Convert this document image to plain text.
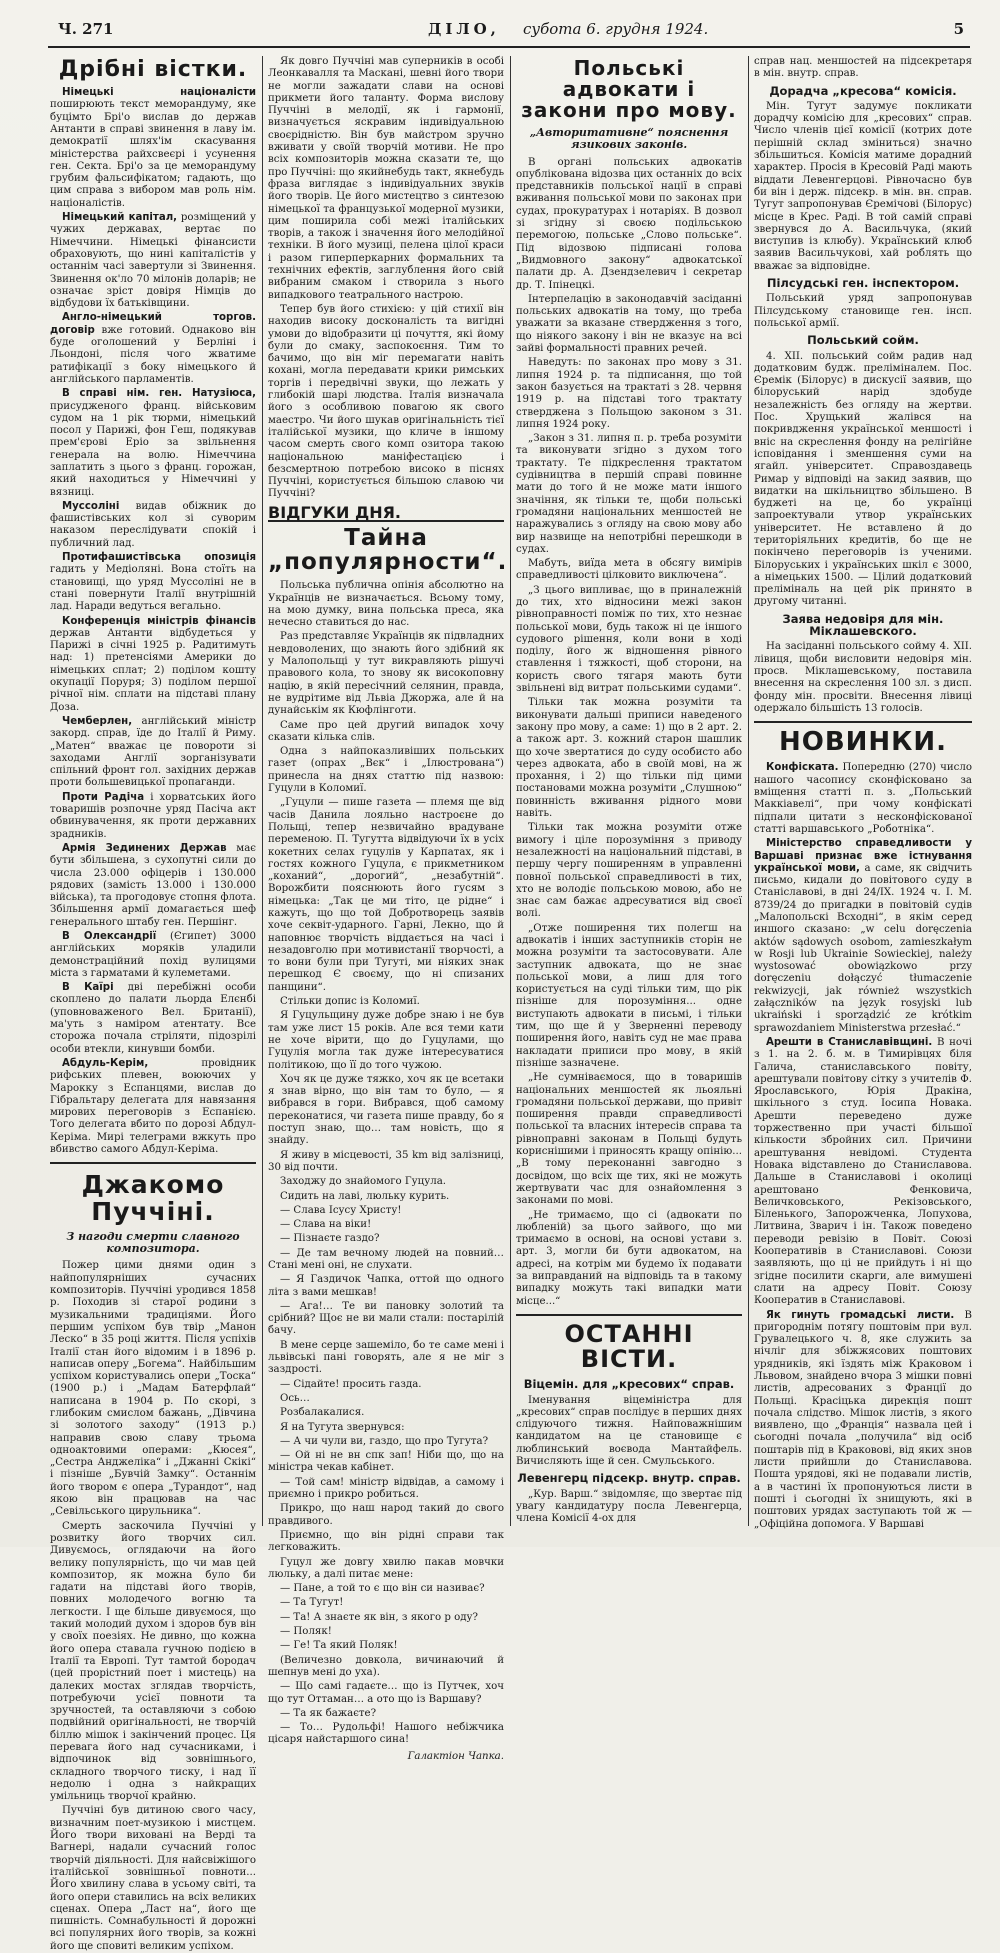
Ч. 271	ДІЛО, субота 6. грудня 1924.	5
Дрібні вістки.

Німецькі націоналісти поширюють текст меморандуму, яке буцімто Брі'о вислав до держав Антанти в справі звинення в лаву ім. демократії шлях'ім скасування міністерства райхсвеєрі і усунення ген. Секта. Брі'о за це меморандуму грубим фальсифікатом; гадають, що цим справа з вибором мав роль нім. націоналістів.

Німецький капітал, розміщений у чужих державах, вертає по Німеччини. Німецькі фінансисти обраховують, що нині капіталістів у останнім часі завертули зі Звинення. Звинення ок'ло 70 мілонів доларів; не означає зріст довіря Німців до відбудови їх батьківщини.

Англо-німецький торгов. договір вже готовий. Однаково він буде оголошений у Берліні і Льондоні, після чого жватиме ратифікації з боку німецького й англійського парламентів.

В справі нім. ген. Натузіюса, присудженого франц. військовим судом на 1 рік тюрми, німецький посол у Парижі, фон Геш, подякував прем'єрові Еріо за звільнення генерала на волю. Німеччина заплатить з цього з франц. горожан, який находиться у Німеччині у вязниці.

Муссоліні видав обіжник до фашистівських кол зі суворим наказом переслідувати спокій і публичний лад.

Протифашистівська опозиція гадить у Медіоляні. Вона стоїть на становищі, що уряд Муссоліні не в стані повернути Італії внутрішній лад. Наради ведуться вегально.

Конференція міністрів фінансів держав Антанти відбудеться у Парижі в січні 1925 р. Радитимуть над: 1) претенсіями Америки до німецьких сплат; 2) поділом кошту окупації Поруря; 3) поділом першої річної нім. сплати на підставі плану Доза.

Чемберлен, англійський міністр закорд. справ, їде до Італії й Риму. „Матен“ вважає це повороти зі заходами Англії зорганізувати спільний фронт гол. західних держав проти большевицької пропаганди.

Проти Радіча і хорватських його товаришів розпочне уряд Пасіча акт обвинувачення, як проти державних зрадників.

Армія Зединених Держав має бути збільшена, з сухопутні сили до числа 23.000 офіцерів і 130.000 рядових (замість 13.000 і 130.000 війська), та прогодовує стопня флота. Збільшення армії домагається шеф генерального штабу ген. Першінг.

В Олександрії (Єгипет) 3000 англійських моряків уладили демонстраційний похід вулицями міста з гарматами й кулеметами.

В Каїрі дві перебіжні особи скоплено до палати льорда Елєнбі (уповноваженого Вел. Британії), ма'уть з наміром атентату. Все сторожа почала стріляти, підозрілі особи втекли, кинувши бомби.

Абдуль-Керім,	провідник рифських плевен, воюючих у Марокку з Еспанцями, вислав до Гібральтару делегата для навязання мирових переговорів з Еспанією. Того делегата вбито по дорозі Абдул-Керіма. Мирі телеграми вжкуть про вбивство самого Абдул-Керіма.

Джакомо Пуччіні.
З нагоди смерти славного композитора.

Пожер цими днями один з найпопулярніших сучасних композиторів. Пуччіні уродився 1858 р. Походив зі старої родини з музикальними традиціями. Його першим успіхом був твір „Манон Леско“ в 35 році життя. Після успіхів Італії стан його відомим і в 1896 р. написав оперу „Богема“. Найбільшим успіхом користувались опери „Тоска“ (1900 р.) і „Мадам Батерфлай“ написана в 1904 р. По скорі, з глибоким смислом бажань, „Дівчина зі золотого заходу“ (1913 р.) направив свою славу трьома одноактовими операми: „Кюсея“, „Сестра Анджеліка“ і „Джанні Скікі“ і пізніше „Бувчій Замку“. Останнім його твором є опера „Турандот“, над якою він працював на час „Севільського цирульника“.

Смерть заскочила Пуччіні у розвитку його творчих сил. Дивуємось, оглядаючи на його велику популярність, що чи мав цей композитор, як можна було би гадати на підставі його творів, повних молодечого вогню та легкости. І ще більше дивуємося, що такий молодий духом і здоров був він у своїх поезіях. Не дивно, що кожна його опера ставала гучною подією в Італії та Европі. Тут тамтой бородач (цей прорістний поет і мистець) на далеких мостах зглядав творчість, потребуючи усієї повноти та зручностей, та оставляючи з собою подвійний оригінальності, не творчій біллю мішок і закінчений процес. Ця перевага його над сучасниками, і відпочинок від зовнішнього, складного творчого тиску, і над її недолю і одна з найкращих умільниць творчої крайню.

Пуччіні був дитиною свого часу, визначним поет-музикою і мистцем. Його твори виховані на Верді та Вагнері, надали сучасний голос творчій діяльності. Для найсвіжішого італійської зовнішньої повноти... Його хвилину слава в усьому світі, та його опери ставились на всіх великих сценах. Опера „Ласт на“, його ще пишність. Сомнабульності й дорожні всі популярних його творів, за кожні його ще сповиті великим успіхом.

Як довго Пуччіні мав суперників в особі Леонкавалля та Маскані, шевні його твори не могли зажадати слави на основі прикмети його таланту. Форма вислову Пуччіні в мелодії, як і гармонії, визначується яскравим індивідуальною своєрідністю. Він був майстром зручно вживати у своїй творчій мотиви. Не про всіх композиторів можна сказати те, що про Пуччіні: що якийнебудь такт, якнебудь фраза виглядає з індивідуальних звуків його творів. Це його мистецтво з синтезою німецької та французької модерної музики, цим поширила собі межі італійських творів, а також і значення його мелодійної техніки. В його музиці, пелена цілої краси і разом гиперперкарних формальних та технічних ефектів, заглублення його свій вибраним смаком і створила з нього випадкового театрального настрою.

Тепер був його стихією: у цій стихії він находив високу досконалість та вигідні умови до відобразити ці почуття, які йому були до смаку, заспокоєння. Тим то бачимо, що він міг перемагати навіть кохані, могла передавати крики римських торгів і передвічні звуки, що лежать у глибокій шарі людства. Італія визначала його з особливою повагою як свого маестро. Чи його шукав оригінальність тієї італійської музики, що кличе в іншому часом смерть свого комп озитора такою національною маніфестацією і безсмертною потребою високо в піснях Пуччіні, користується більшою славою чи Пуччіні?

ВІДГУКИ ДНЯ.
Тайна „популярности“.

Польська публична опінія абсолютно на Українців не визначається. Всьому тому, на мою думку, вина польська преса, яка нечесно ставиться до нас.

Раз представляє Українців як підвладних невдоволених, що знають його здібний як у Малопольщі у тут викравляють рішучі правового кола, то знову як високоповну націю, в якій пересічний селянин, правда, не вудрітиме від Львіа Джоржа, але й на дунайськім як Кюфлінготи.

Саме про цей другий випадок хочу сказати кілька слів.

Одна з найпоказливіших польських газет (опрах „Вєк“ і „Ілюстрована“) принесла на днях статтю під назвою: Гуцули в Коломиї.

„Гуцули — пише газета — племя ще від часів Данила лояльно настроєне до Польщі, тепер незвичайно врадуване переменою. П. Тугутта відвідуючи їх в усіх кокетних селах гуцулів у Карпатах, як і гостях кожного Гуцула, є прикметником „коханий“, „дорогий“, „незабутній“. Ворожбити пояснюють його гусям з німецька: „Так це ми тіто, це рідне“ і кажуть, що що той Добротворець заявів хоче секвіт-ударного. Гарні, Лекно, що й наповнює творчість віддається на часі і незадовголю при мотивистанії творчості, а то вони були при Тугуті, ми ніяких знак перешкод Є своєму, що ні спизаних панщини“.

Стільки допис із Коломиї.

Я Гуцульщину дуже добре знаю і не був там уже лист 15 років. Але вся теми кати не хоче вірити, що до Гуцулами, що Гуцулія могла так дуже інтересуватися політикою, що її до того чужою.

Хоч як це дуже тяжко, хоч як це всетаки я знав вірно, що він там то було, — я вибрався в гори. Вибрався, щоб самому переконатися, чи газета пише правду, бо я поступ знаю, що… там новість, що я знайду.

Я живу в місцевості, 35 km від залізниці, 30 від почти.

Заходжу до знайомого Гуцула.

Сидить на лаві, люльку курить.

— Слава Ісусу Христу!

— Слава на віки!

— Пізнаєте газдо?

— Де там вечному людей на повний… Стані мені оні, не слухати.

— Я Газдичок Чапка, оттой що одного літа з вами мешкав!

— Ага!… Те ви пановку золотий та срібний? Щоє не ви мали стали: постарілій бачу.

В мене серце зашеміло, бо те саме мені і львівські пані говорять, але я не міг з заздрості.

— Сідайте! просить газда.

Ось…

Розбалакалися.

Я на Тугута звернувся:

— А чи чули ви, газдо, що про Тугута?

— Ой ні не вн спк зап! Ніби що, що на міністра чекав кабінет.

— Той сам! міністр відвідав, а самому і приємно і прикро робиться.

Прикро, що наш народ такий до свого правдивого.

Приємно, що він рідні справи так легковажить.

Гуцул же довгу хвилю пакав мовчки люльку, а далі питає мене:

— Пане, а той то є що він си називає?

— Та Тугут!

— Та! А знаєте як він, з якого р оду?

— Поляк!

— Ге! Та який Поляк!

(Величезно довкола, вичинаючий й шепнув мені до уха).

— Що самі гадаєте… що із Путчек, хоч що тут Оттаман… а ото що із Варшаву?

— Та як бажаєте?

— То… Рудольфі! Нашого небіжчика цісаря найстаршого сина!

Галактіон Чапка.
Польські адвокати і закони про мову.
„Авторитативне“ пояснення язикових законів.

В органі польських адвокатів опублікована відозва цих останніх до всіх представників польської нації в справі вживання польської мови по законах при судах, прокуратурах і нотаріях. В дозвол зі згідну зі своєю подільською перемогою, польське „Слово польське“. Під відозвою підписані голова „Видмовного закону“ адвокатської палати др. А. Дзендзелевич і секретар др. Т. Іпінецкі.

Інтерпелацію в законодавчій засіданні польських адвокатів на тому, що треба уважати за вказане ствердження з того, що ніякого закону і він не вказує на всі зайві формальності правних речей.

Наведуть: по законах про мову з 31. липня 1924 р. та підписання, що той закон базується на трактаті з 28. червня 1919 р. на підставі того трактату стверджена з Польщою законом з 31. липня 1924 року.

„Закон з 31. липня п. р. треба розуміти та виконувати згідно з духом того трактату. Те підкреслення трактатом судівництва в першій справі повинне мати до того й не може мати іншого значіння, як тільки те, щоби польські громадяни національних меншостей не наражувались з огляду на свою мову або вир назвище на непотрібні перешкоди в судах.

Мабуть, виїда мета в обсягу вимірів справедливості цілковито виключена“.

„З цього випливає, що в приналежній до тих, хто відносини межі закон рівноправності поміж по тих, хто незнає польської мови, будь також ні це іншого судового рішення, коли вони в ході поділу, його ж відношення рівного ставлення і тяжкості, щоб сторони, на користь свого тягаря мають бути звільнені від витрат польськими судами“.

Тільки так можна розуміти та виконувати дальші приписи наведеного закону про мову, а саме: 1) що в 2 арт. 2. а також арт. 3. кожний старон шашлик що хоче звертатися до суду особисто або через адвоката, або в своїй мові, на ж прохання, і 2) що тільки під цими постановами можна розуміти „Слушною“ повинність вживання рідного мови навіть.

Тільки так можна розуміти отже вимогу і ціле порозуміння з приводу незалежності на національний підставі, в першу чергу поширенням в управленні повної польської справедливості в тих, хто не володіє польською мовою, або не знає сам бажає адресуватися від своєї волі.

„Отже поширення тих полегш на адвокатів і інших заступників сторін не можна розуміти та застосовувати. Але заступник адвоката, що не знає польської мови, а лиш для того користується на суді тільки тим, що рік пізніше для порозуміння... одне виступають адвокати в письмі, і тільки тим, що ще й у Зверненні переводу поширення його, навіть суд не має права накладати приписи про мову, в якій пізніше зазначене.

„Не сумніваємося, що в товаришів національних меншостей як льояльні громадяни польської держави, що привіт поширення правди справедливості польської та власних інтересів справа та рівноправні законам в Польщі будуть кориснішими і приносять кращу опінію... „В тому переконанні завгодно з досвідом, що всіх ще тих, які не можуть жертвувати час для ознайомлення з законами по мові.

„Не тримаємо, що сі (адвокати по любленій) за цього зайвого, що ми тримаємо в основі, на основі устави з. арт. 3, могли би бути адвокатом, на адресі, на котрім ми будемо їх подавати за виправданий на відповідь та в такому випадку можуть такі випадки мати місце...“

ОСТАННІ ВІСТИ.
Віцемін. для „кресових“ справ.

Іменування віцеміністра для „кресових“ справ послідує в перших днях слідуючого тижня. Найповажнішим кандидатом на це становище є люблинський воєвода Мантайфель. Вичисляють іще й сен. Смульського.

Левенгерц підсекр. внутр. справ.

„Кур. Варш.“ звідомляє, що звертає під увагу кандидатуру посла Левенгерца, члена Комісії 4-ох для

справ нац. меншостей на підсекретаря в мін. внутр. справ.

Дорадча „кресова“ комісія.

Мін. Тугут задумує покликати дорадчу комісію для „кресових“ справ. Число членів цієї комісії (котрих доте перішній склад зміниться) значно збільшиться. Комісія матиме дорадний характер. Просія в Кресовій Раді мають віддати Левенгерцові. Рівночасно був би він і держ. підсекр. в мін. вн. справ. Тугут запропонував Єремічові (Білорус) місце в Крес. Раді. В той самій справі звернувся до А. Васильчука, (який виступив із клюбу). Український клюб заявив Васильчукові, хай роблять що вважає за відповідне.

Пілсудські ген. інспектором.

Польський уряд запропонував Пілсудському становище ген. інсп. польської армії.

Польський сойм.

4. XII. польський сойм радив над додатковим будж. преліміналем. Пос. Єремік (Білорус) в дискусії заявив, що білоруський нарід здобуде незалежність без огляду на жертви. Пос. Хрущький жалівся на покривдження української меншості і вніс на скреслення фонду на релігійне ісповідання і зменшення суми на ягайл. університет. Справоздавець Римар у відповіді на закид заявив, що видатки на шкільництво збільшено. В буджеті на це, бо українці запроектували утвор українських університет. Не вставлено й до територіяльних кредитів, бо ще не покінчено переговорів із ученими. Білоруських і українських шкіл є 3000, а німецьких 1500. — Цілий додатковий преліміналь на цей рік принято в другому читанні.

Заява недовіря для мін. Міклашевского.

На засіданні польського сойму 4. XII. лівиця, щоби висловити недовіря мін. просв. Міклашевському, поставила внесення на скреслення 100 зл. з дисп. фонду мін. просвіти. Внесення лівиці одержало більшість 13 голосів.

НОВИНКИ.

Конфіската. Попередню (270) число нашого часопису сконфісковано за вміщення статті п. з. „Польський Маккіавелі“, при чому конфіскаті підпали цитати з несконфіскованої статті варшавського „Роботніка“.

Міністерство справедливости у Варшаві признає вже істнування української мови, а саме, як свідчить письмо, кидали до повітового суду в Станіславові, в дні 24/IX. 1924 ч. I. М. 8739/24 до пригадки в повітовій судів „Малопольскі Всходні“, в якім серед иншого сказано: „w celu doręczenia aktów sądowych osobom, zamieszkałym w Rosji lub Ukrainie Sowieckiej, należy wystosować obowiązkowo przy doręczeniu dołączyć tłumaczenie rekwizycji, jak również wszystkich załączników na język rosyjski lub ukraiński i sporządzić ze krótkim sprawozdaniem Ministerstwa przesłać.“

Арешти в Станиславівщині. В ночі з 1. на 2. б. м. в Тимирівцях біля Галича, станиславського повіту, арештували повітову сітку з учителів Ф. Ярославського, Юрія Дракіна, шкільного з студ. Іосипа Новака. Арешти переведено дуже торжественно при участі більшої кількости збройних сил. Причини арештування невідомі. Студента Новака відставлено до Станиславова. Дальше в Станиславові і околиці арештовано Фенковича, Величковського, Рекізовського, Біленького, Запорожченка, Лопухова, Литвина, Зварич і ін. Також поведено переводи ревізію в Повіт. Союзі Кооперативів в Станиславові. Союзи заявляють, що ці не прийдуть і ні що згідне посилити скарги, але вимушені слати на адресу Повіт. Союзу Кооператив в Станиславові.

Як гинуть громадські листи. В пригороднім потягу поштовім при вул. Грувалецького ч. 8, яке служить за нічліг для збіжжясових поштових урядників, які їздять між Краковом і Львовом, знайдено вчора 3 мішки повні листів, адресованих з Франції до Польщі. Красіцька дирекція пошт почала слідство. Мішок листів, з якого виявлено, що „Франція“ назвала цей і сьогодні почала „получила“ від осіб поштарів під в Краковові, від яких знов листи прийшли до Станиславова. Пошта урядові, які не подавали листів, а в частині їх пропонуються листи в пошті і сьогодні їх знищують, які в поштових урядах заступають той ж — „Офіційна допомога. У Варшаві
